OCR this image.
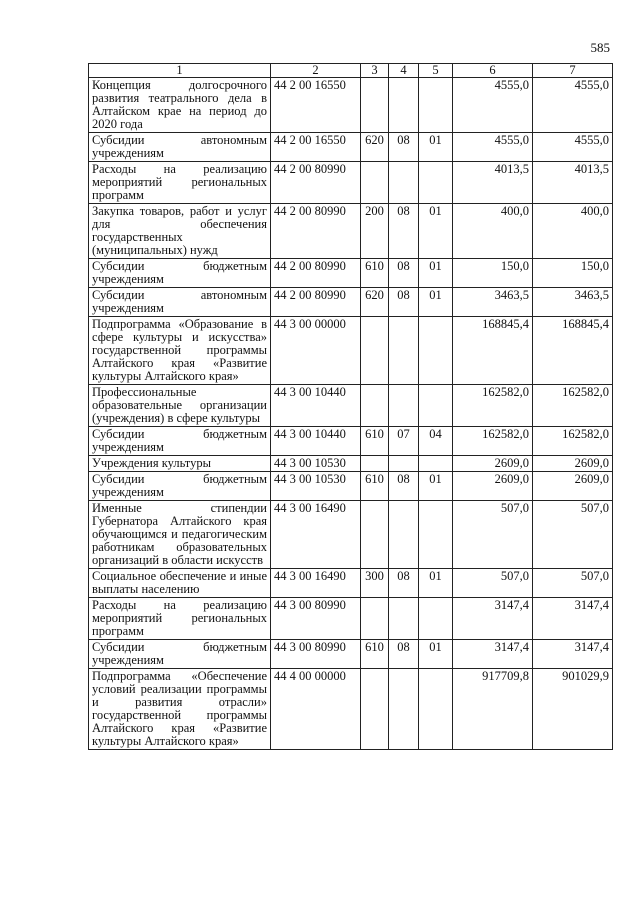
585
1	2	3	4	5	6	7
Концепция долгосрочного развития театрального дела в Алтайском крае на период до 2020 года	44 2 00 16550				4555,0	4555,0
Субсидии автономным учреждениям	44 2 00 16550	620	08	01	4555,0	4555,0
Расходы на реализацию мероприятий региональных программ	44 2 00 80990				4013,5	4013,5
Закупка товаров, работ и услуг для обеспечения государственных (муниципальных) нужд	44 2 00 80990	200	08	01	400,0	400,0
Субсидии бюджетным учреждениям	44 2 00 80990	610	08	01	150,0	150,0
Субсидии автономным учреждениям	44 2 00 80990	620	08	01	3463,5	3463,5
Подпрограмма «Образование в сфере культуры и искусства» государственной программы Алтайского края «Развитие культуры Алтайского края»	44 3 00 00000				168845,4	168845,4
Профессиональные образовательные организации (учреждения) в сфере культуры	44 3 00 10440				162582,0	162582,0
Субсидии бюджетным учреждениям	44 3 00 10440	610	07	04	162582,0	162582,0
Учреждения культуры	44 3 00 10530				2609,0	2609,0
Субсидии бюджетным учреждениям	44 3 00 10530	610	08	01	2609,0	2609,0
Именные стипендии Губернатора Алтайского края обучающимся и педагогическим работникам образовательных организаций в области искусств	44 3 00 16490				507,0	507,0
Социальное обеспечение и иные выплаты населению	44 3 00 16490	300	08	01	507,0	507,0
Расходы на реализацию мероприятий региональных программ	44 3 00 80990				3147,4	3147,4
Субсидии бюджетным учреждениям	44 3 00 80990	610	08	01	3147,4	3147,4
Подпрограмма «Обеспечение условий реализации программы и развития отрасли» государственной программы Алтайского края «Развитие культуры Алтайского края»	44 4 00 00000				917709,8	901029,9
